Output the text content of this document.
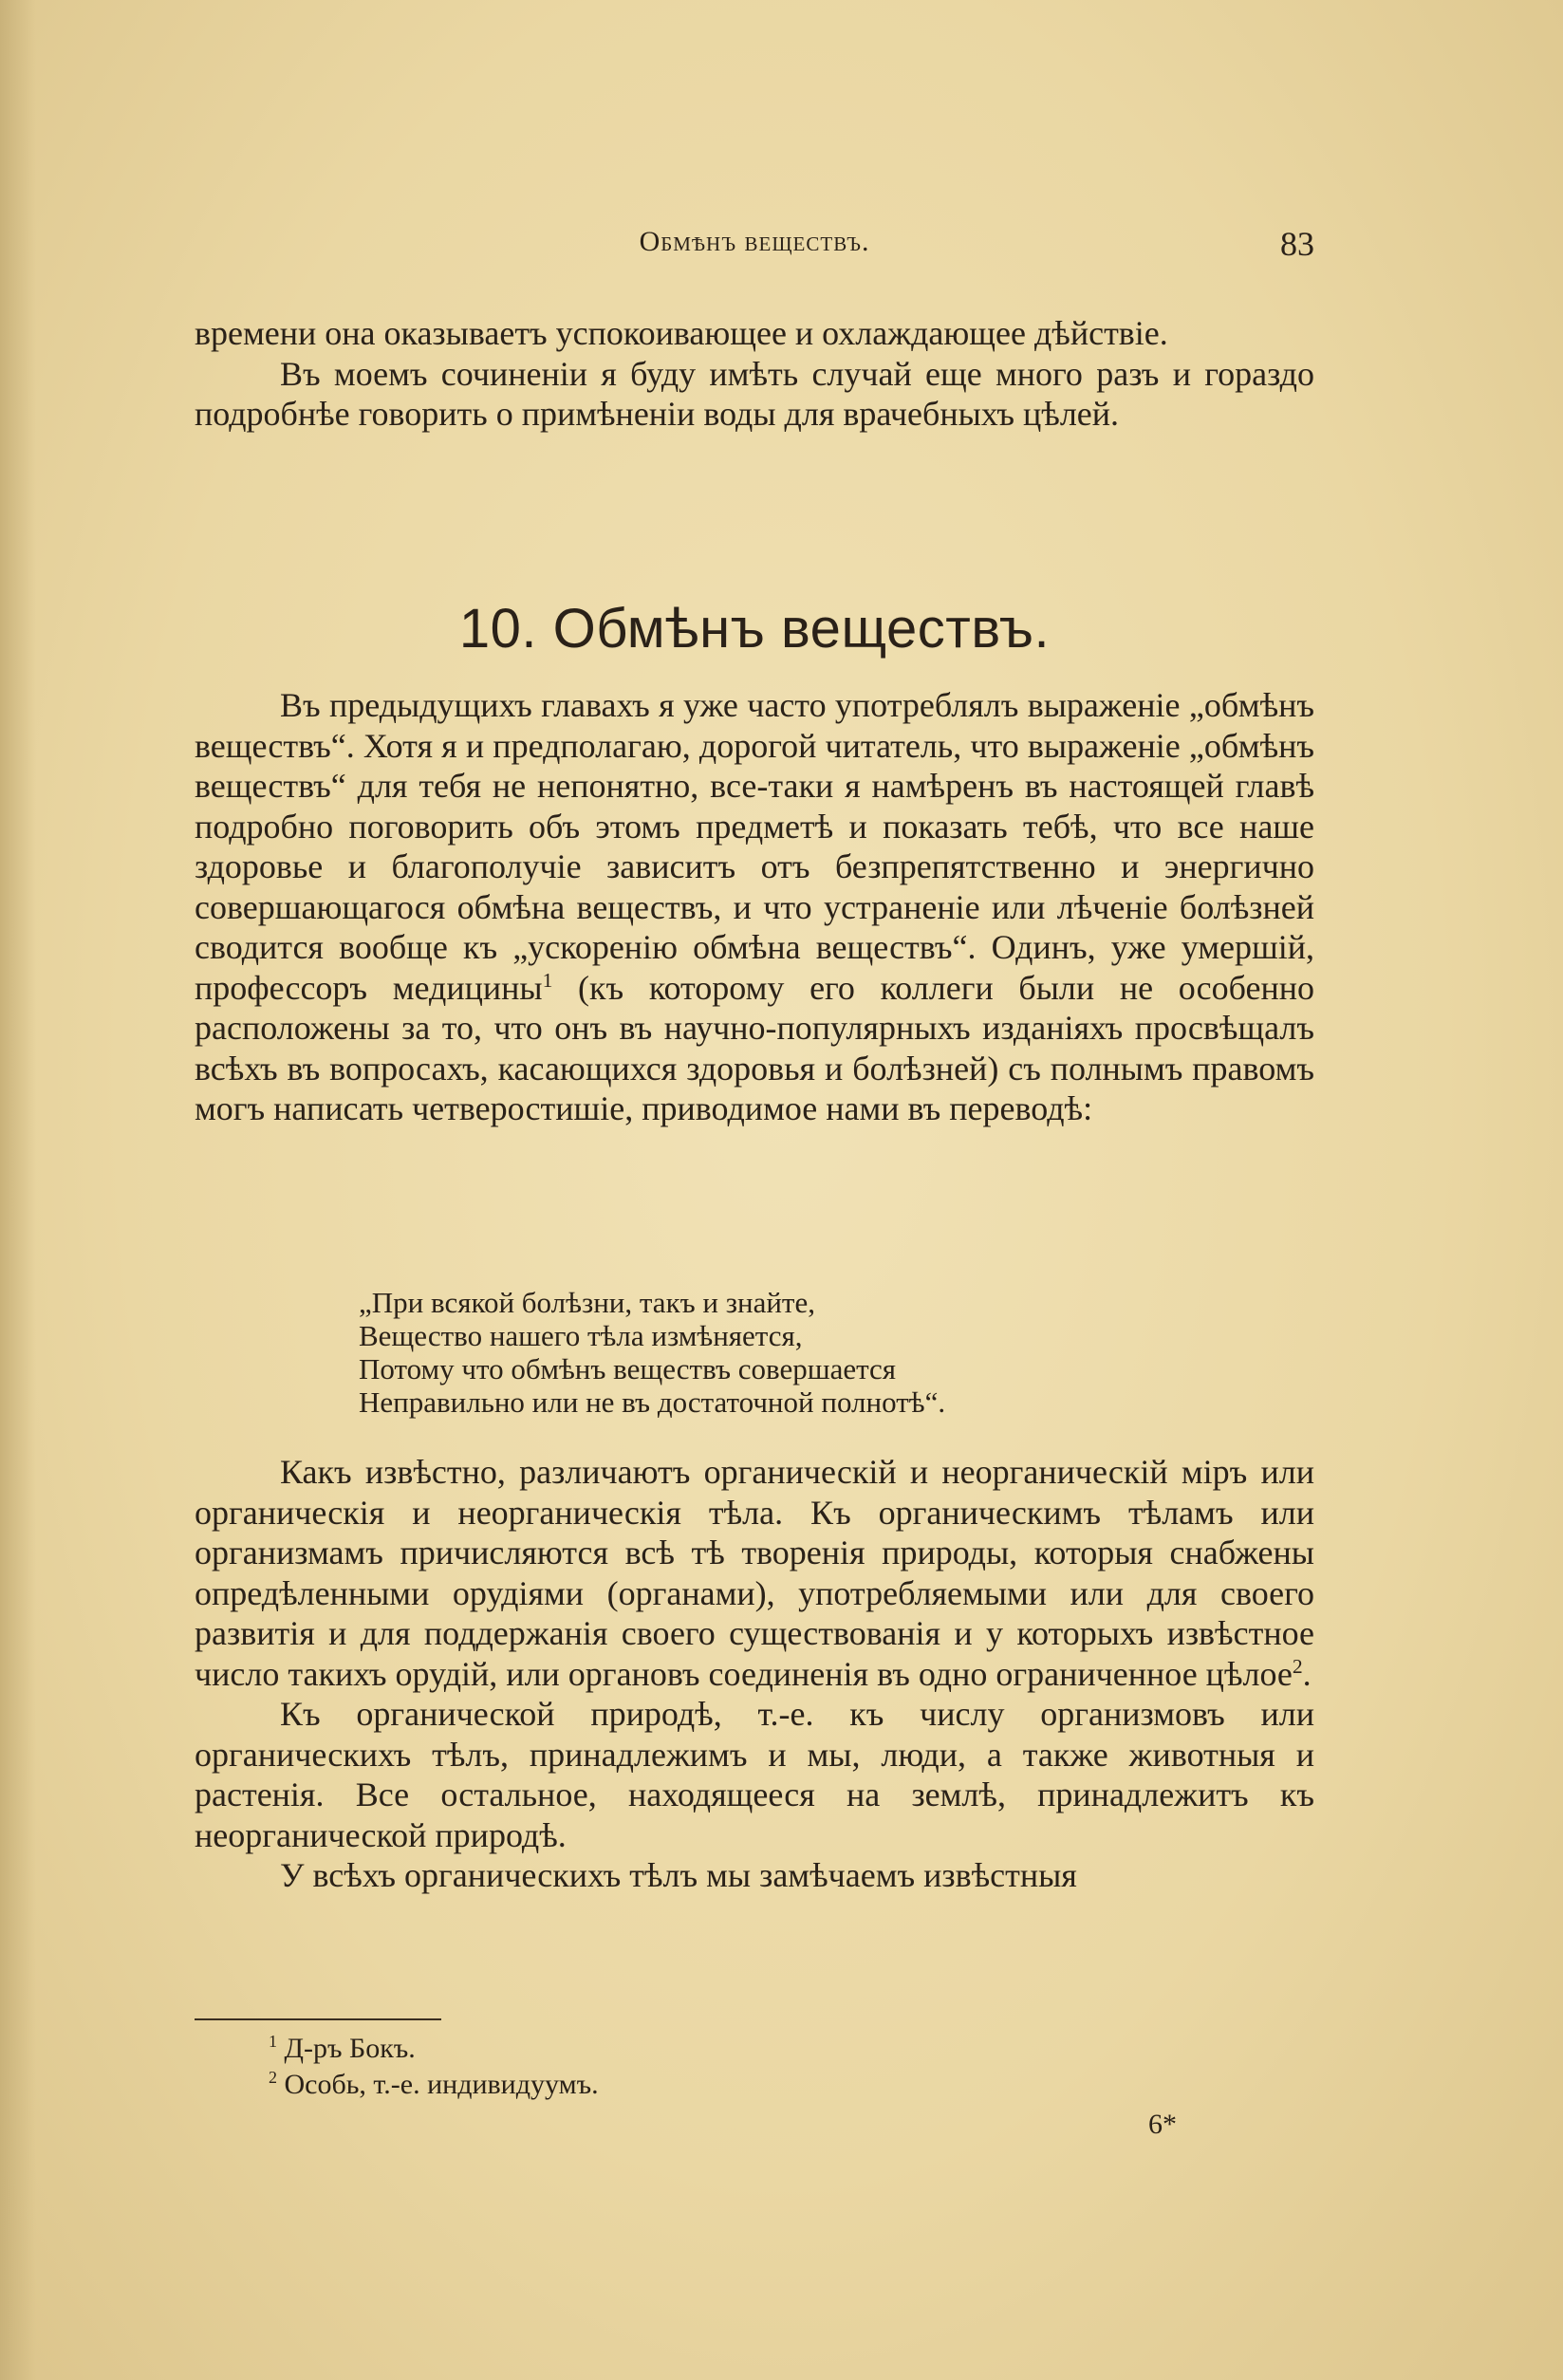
Обмѣнъ веществъ.	83

времени она оказываетъ успокоивающее и охлаждающее дѣйствіе.

Въ моемъ сочиненіи я буду имѣть случай еще много разъ и гораздо подробнѣе говорить о примѣненіи воды для врачебныхъ цѣлей.

10. Обмѣнъ веществъ.

Въ предыдущихъ главахъ я уже часто употреблялъ выраженіе „обмѣнъ веществъ“. Хотя я и предполагаю, дорогой читатель, что выраженіе „обмѣнъ веществъ“ для тебя не непонятно, все-таки я намѣренъ въ настоящей главѣ подробно поговорить объ этомъ предметѣ и показать тебѣ, что все наше здоровье и благополучіе зависитъ отъ безпрепятственно и энергично совершающагося обмѣна веществъ, и что устраненіе или лѣченіе болѣзней сводится вообще къ „ускоренію обмѣна веществъ“. Одинъ, уже умершій, профессоръ медицины$^1$ (къ которому его коллеги были не особенно расположены за то, что онъ въ научно-популярныхъ изданіяхъ просвѣщалъ всѣхъ въ вопросахъ, касающихся здоровья и болѣзней) съ полнымъ правомъ могъ написать четверостишіе, приводимое нами въ переводѣ:

„При всякой болѣзни, такъ и знайте,
Вещество нашего тѣла измѣняется,
Потому что обмѣнъ веществъ совершается
Неправильно или не въ достаточной полнотѣ“.

Какъ извѣстно, различаютъ органическій и неорганическій міръ или органическія и неорганическія тѣла. Къ органическимъ тѣламъ или организмамъ причисляются всѣ тѣ творенія природы, которыя снабжены опредѣленными орудіями (органами), употребляемыми или для своего развитія и для поддержанія своего существованія и у которыхъ извѣстное число такихъ орудій, или органовъ соединенія въ одно ограниченное цѣлое$^2$.

Къ органической природѣ, т.-е. къ числу организмовъ или органическихъ тѣлъ, принадлежимъ и мы, люди, а также животныя и растенія. Все остальное, находящееся на землѣ, принадлежитъ къ неорганической природѣ.

У всѣхъ органическихъ тѣлъ мы замѣчаемъ извѣстныя

$^1$ Д-ръ Бокъ.
$^2$ Особь, т.-е. индивидуумъ.
6*
